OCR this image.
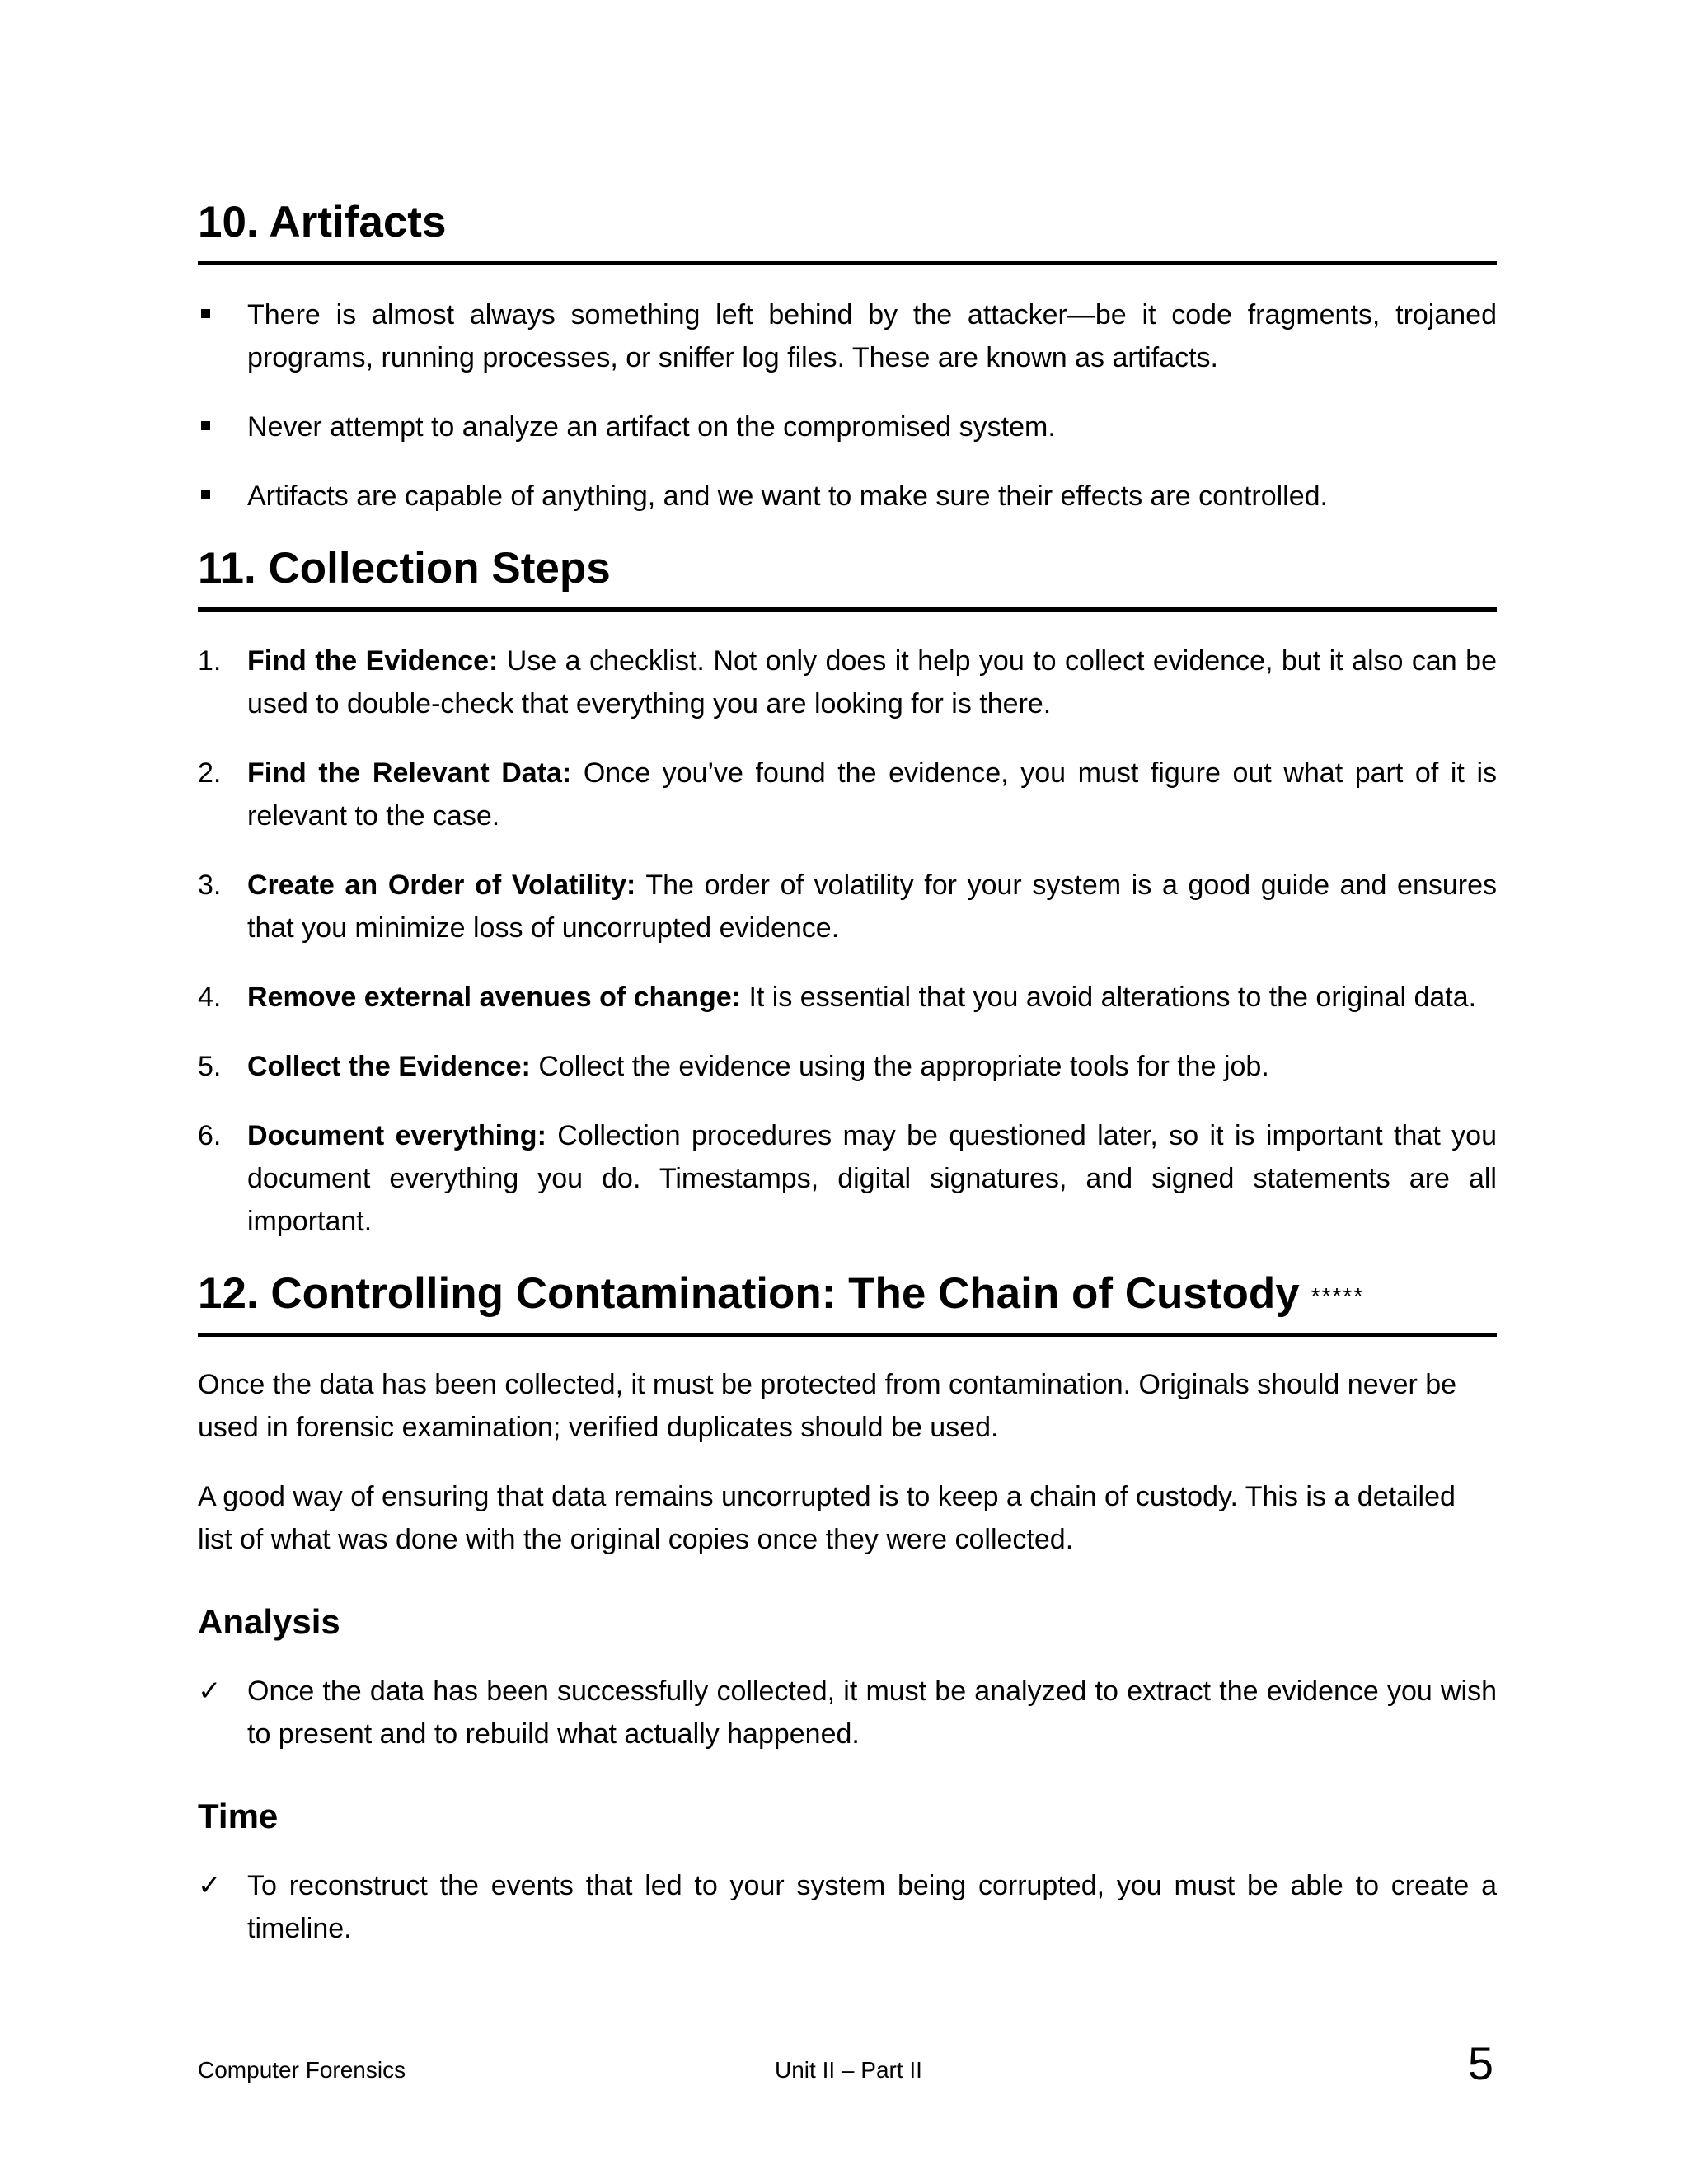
10. Artifacts
There is almost always something left behind by the attacker—be it code fragments, trojaned programs, running processes, or sniffer log files. These are known as artifacts.
Never attempt to analyze an artifact on the compromised system.
Artifacts are capable of anything, and we want to make sure their effects are controlled.
11. Collection Steps
1. Find the Evidence: Use a checklist. Not only does it help you to collect evidence, but it also can be used to double-check that everything you are looking for is there.
2. Find the Relevant Data: Once you’ve found the evidence, you must figure out what part of it is relevant to the case.
3. Create an Order of Volatility: The order of volatility for your system is a good guide and ensures that you minimize loss of uncorrupted evidence.
4. Remove external avenues of change: It is essential that you avoid alterations to the original data.
5. Collect the Evidence: Collect the evidence using the appropriate tools for the job.
6. Document everything: Collection procedures may be questioned later, so it is important that you document everything you do. Timestamps, digital signatures, and signed statements are all important.
12. Controlling Contamination: The Chain of Custody *****

Once the data has been collected, it must be protected from contamination. Originals should never be used in forensic examination; verified duplicates should be used.

A good way of ensuring that data remains uncorrupted is to keep a chain of custody. This is a detailed list of what was done with the original copies once they were collected.

Analysis
✓ Once the data has been successfully collected, it must be analyzed to extract the evidence you wish to present and to rebuild what actually happened.
Time
✓ To reconstruct the events that led to your system being corrupted, you must be able to create a timeline.
Computer Forensics	Unit II – Part II	5
